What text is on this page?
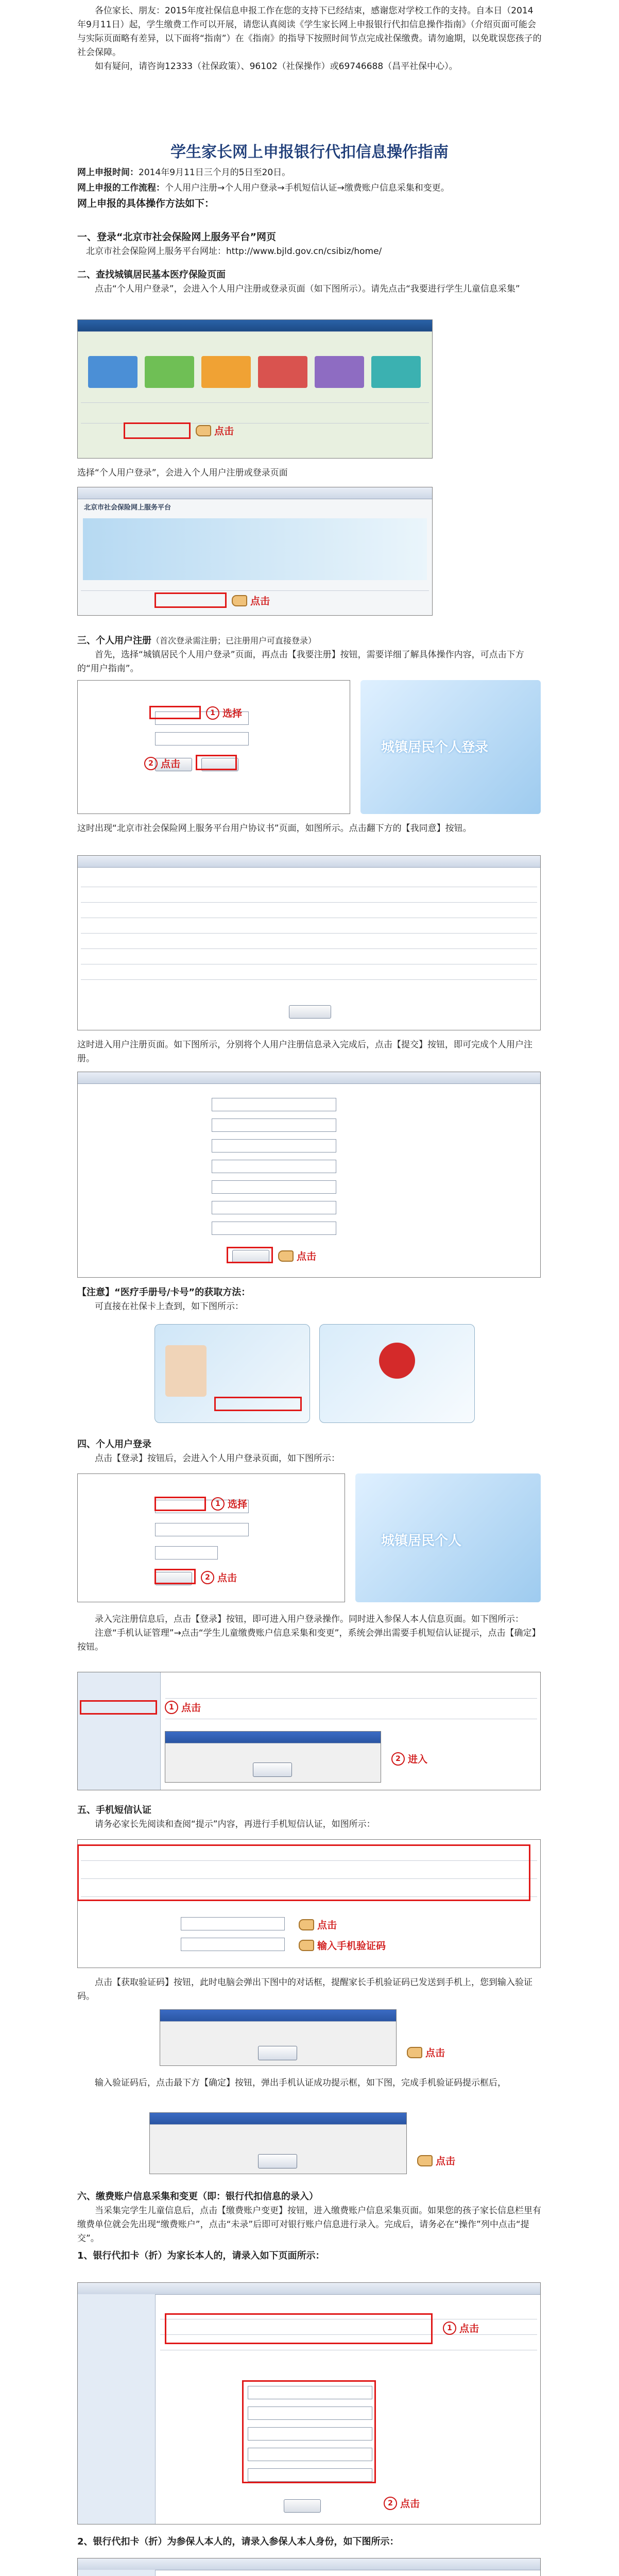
各位家长、朋友：2015年度社保信息申报工作在您的支持下已经结束，感谢您对学校工作的支持。自本日（2014年9月11日）起，学生缴费工作可以开展，请您认真阅读《学生家长网上申报银行代扣信息操作指南》（介绍页面可能会与实际页面略有差异，以下面将“指南”）在《指南》的指导下按照时间节点完成社保缴费。请勿逾期，以免耽误您孩子的社会保障。

如有疑问，请咨询12333（社保政策）、96102（社保操作）或69746688（昌平社保中心）。

学生家长网上申报银行代扣信息操作指南
网上申报时间：2014年9月11日三个月的5日至20日。
网上申报的工作流程：个人用户注册→个人用户登录→手机短信认证→缴费账户信息采集和变更。
网上申报的具体操作方法如下：
一、登录“北京市社会保险网上服务平台”网页
北京市社会保险网上服务平台网址：http://www.bjld.gov.cn/csibiz/home/
二、查找城镇居民基本医疗保险页面

点击“个人用户登录”，会进入个人用户注册或登录页面（如下图所示）。请先点击“我要进行学生儿童信息采集”

点击

选择“个人用户登录”，会进入个人用户注册或登录页面

北京市社会保险网上服务平台
点击
三、个人用户注册（首次登录需注册；已注册用户可直接登录）

首先，选择“城镇居民个人用户登录”页面，再点击【我要注册】按钮，需要详细了解具体操作内容，可点击下方的“用户指南”。

1 选择
2 点击
城镇居民个人登录

这时出现“北京市社会保险网上服务平台用户协议书”页面，如图所示。点击翻下方的【我同意】按钮。

这时进入用户注册页面。如下图所示，分别将个人用户注册信息录入完成后，点击【提交】按钮，即可完成个人用户注册。

点击
【注意】“医疗手册号/卡号”的获取方法：

可直接在社保卡上查到，如下图所示：

四、个人用户登录

点击【登录】按钮后，会进入个人用户登录页面，如下图所示：

1 选择
2 点击
城镇居民个人

录入完注册信息后，点击【登录】按钮，即可进入用户登录操作。同时进入参保人本人信息页面。如下图所示：

注意“手机认证管理”→点击“学生儿童缴费账户信息采集和变更”，系统会弹出需要手机短信认证提示，点击【确定】按钮。

1 点击
2 进入
五、手机短信认证

请务必家长先阅读和查阅“提示”内容，再进行手机短信认证，如图所示：

点击
输入手机验证码

点击【获取验证码】按钮，此时电脑会弹出下图中的对话框，提醒家长手机验证码已发送到手机上，您到输入验证码。

点击

输入验证码后，点击最下方【确定】按钮，弹出手机认证成功提示框，如下图，完成手机验证码提示框后，

点击
六、缴费账户信息采集和变更（即：银行代扣信息的录入）

当采集完学生儿童信息后，点击【缴费账户变更】按钮，进入缴费账户信息采集页面。如果您的孩子家长信息栏里有缴费单位就会先出现“缴费账户”，点击“未录”后即可对银行账户信息进行录入。完成后，请务必在“操作”列中点击“提交”。

1、银行代扣卡（折）为家长本人的，请录入如下页面所示：
1 点击
2 点击
2、银行代扣卡（折）为参保人本人的，请录入参保人本人身份，如下图所示：
